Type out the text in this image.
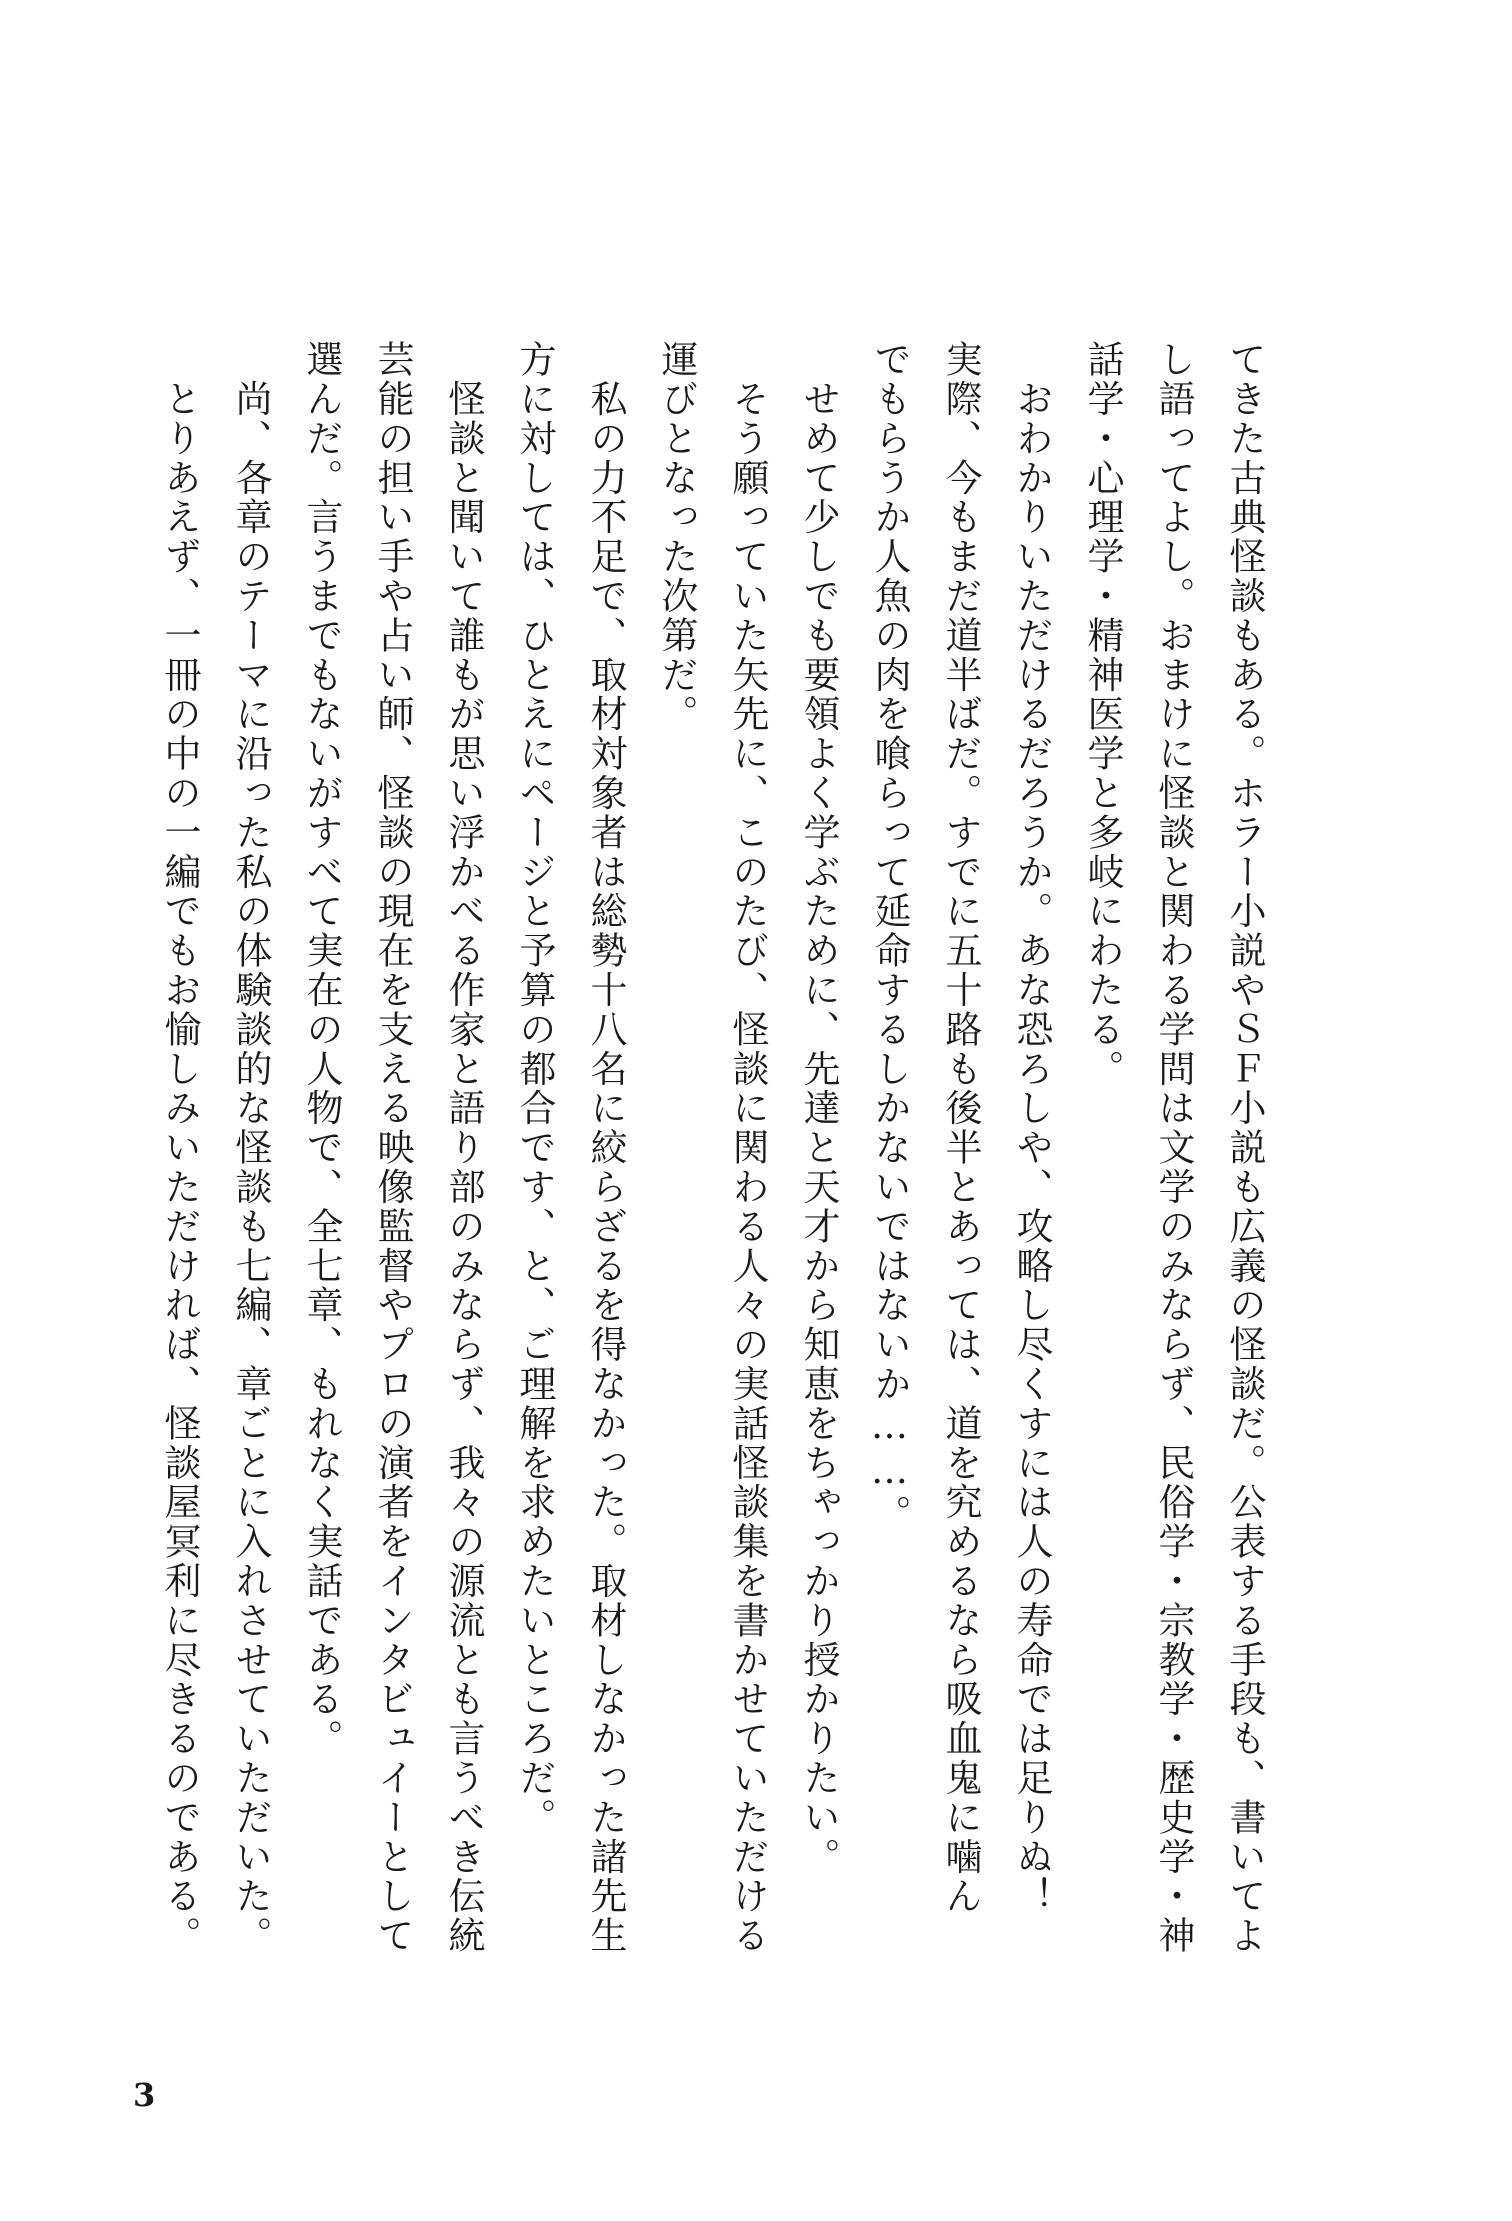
てきた古典怪談もある。ホラー小説やＳＦ小説も広義の怪談だ。公表する手段も、書いてよ
し語ってよし。おまけに怪談と関わる学問は文学のみならず、民俗学・宗教学・歴史学・神
話学・心理学・精神医学と多岐にわたる。
　おわかりいただけるだろうか。あな恐ろしや、攻略し尽くすには人の寿命では足りぬ！
実際、今もまだ道半ばだ。すでに五十路も後半とあっては、道を究めるなら吸血鬼に噛ん
でもらうか人魚の肉を喰らって延命するしかないではないか……。
　せめて少しでも要領よく学ぶために、先達と天才から知恵をちゃっかり授かりたい。
　そう願っていた矢先に、このたび、怪談に関わる人々の実話怪談集を書かせていただける
運びとなった次第だ。
　私の力不足で、取材対象者は総勢十八名に絞らざるを得なかった。取材しなかった諸先生
方に対しては、ひとえにページと予算の都合です、と、ご理解を求めたいところだ。
　怪談と聞いて誰もが思い浮かべる作家と語り部のみならず、我々の源流とも言うべき伝統
芸能の担い手や占い師、怪談の現在を支える映像監督やプロの演者をインタビュイーとして
選んだ。言うまでもないがすべて実在の人物で、全七章、もれなく実話である。
　尚、各章のテーマに沿った私の体験談的な怪談も七編、章ごとに入れさせていただいた。
　とりあえず、一冊の中の一編でもお愉しみいただければ、怪談屋冥利に尽きるのである。
3
